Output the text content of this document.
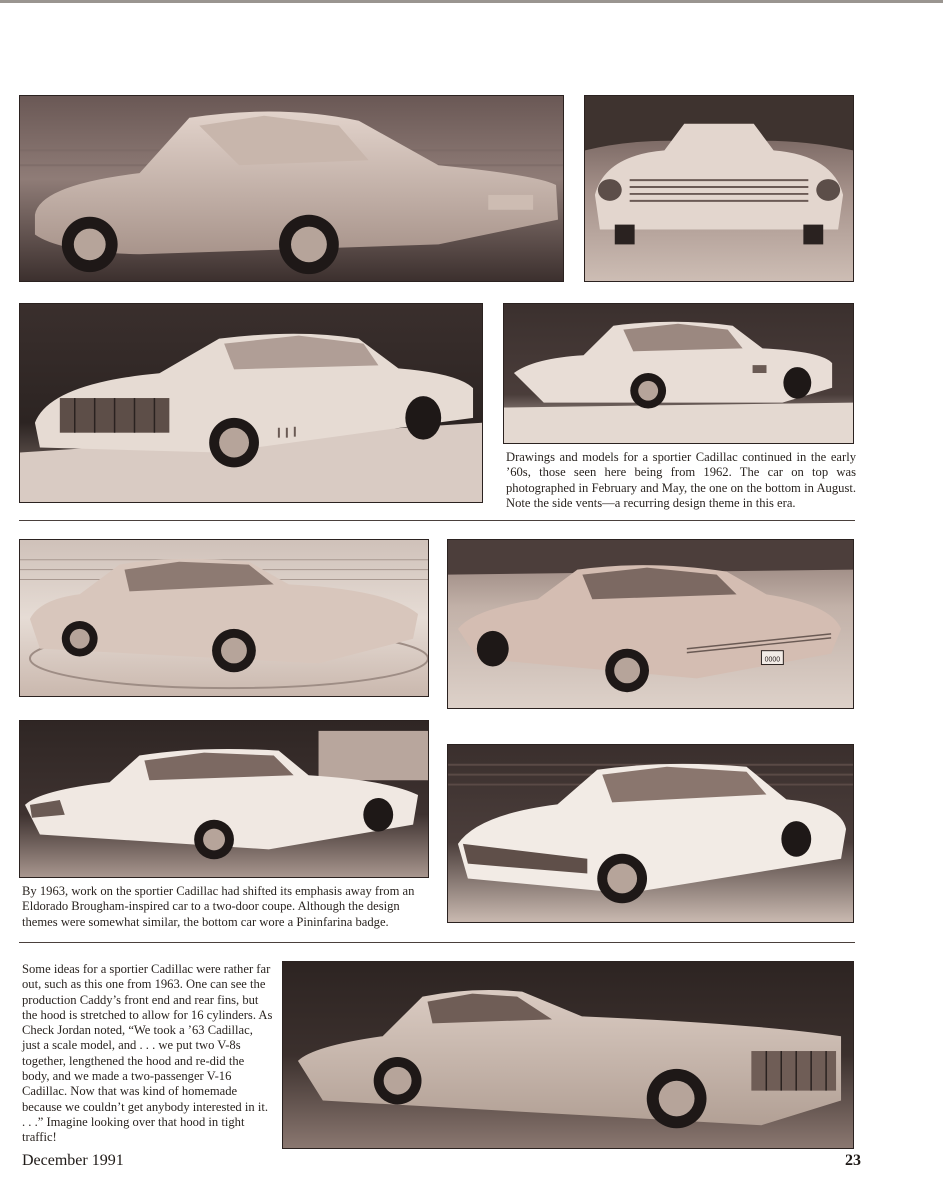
Drawings and models for a sportier Cadillac continued in the early ’60s, those seen here being from 1962. The car on top was photographed in February and May, the one on the bottom in August. Note the side vents—a recurring design theme in this era.
0000
By 1963, work on the sportier Cadillac had shifted its emphasis away from an Eldorado Brougham-inspired car to a two-door coupe. Although the design themes were somewhat similar, the bottom car wore a Pininfarina badge.
Some ideas for a sportier Cadillac were rather far out, such as this one from 1963. One can see the production Caddy’s front end and rear fins, but the hood is stretched to allow for 16 cylinders. As Check Jordan noted, “We took a ’63 Cadillac, just a scale model, and . . . we put two V-8s together, lengthened the hood and re-did the body, and we made a two-passenger V-16 Cadillac. Now that was kind of homemade because we couldn’t get anybody interested in it. . . .” Imagine looking over that hood in tight traffic!
December 1991	23
